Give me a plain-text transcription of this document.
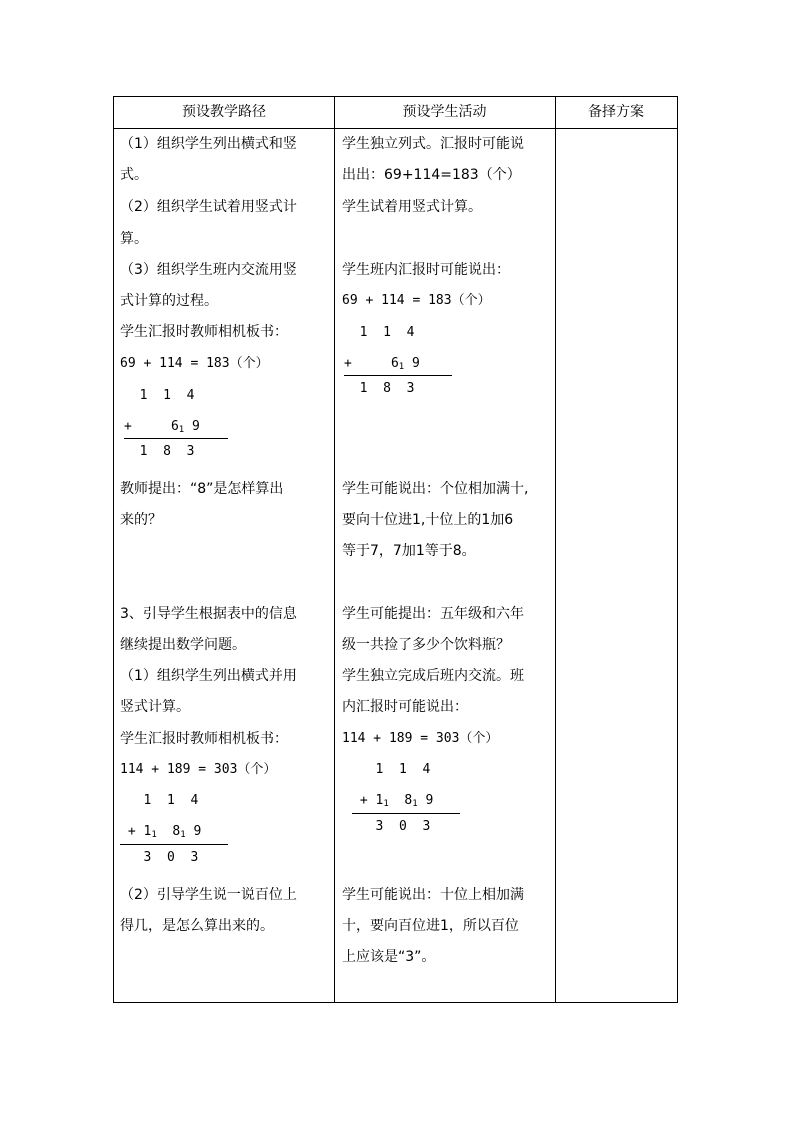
预设教学路径	预设学生活动	备择方案
（1）组织学生列出横式和竖
式。
（2）组织学生试着用竖式计
算。
（3）组织学生班内交流用竖
式计算的过程。
学生汇报时教师相机板书：
69 + 114 = 183（个）
1  1  4
+     $6_1$ 9
1  8  3
教师提出：“8”是怎样算出
来的？
3、引导学生根据表中的信息
继续提出数学问题。
（1）组织学生列出横式并用
竖式计算。
学生汇报时教师相机板书：
114 + 189 = 303（个）
1  1  4
+ $1_1$  $8_1$ 9
3  0  3
（2）引导学生说一说百位上
得几，是怎么算出来的。
学生独立列式。汇报时可能说
出出：69+114=183（个）
学生试着用竖式计算。
学生班内汇报时可能说出：
69 + 114 = 183（个）
1  1  4
+     $6_1$ 9
1  8  3
学生可能说出：个位相加满十,
要向十位进1,十位上的1加6
等于7，7加1等于8。
学生可能提出：五年级和六年
级一共捡了多少个饮料瓶？
学生独立完成后班内交流。班
内汇报时可能说出：
114 + 189 = 303（个）
1  1  4
+ $1_1$  $8_1$ 9
3  0  3
学生可能说出：十位上相加满
十，要向百位进1，所以百位
上应该是“3”。
